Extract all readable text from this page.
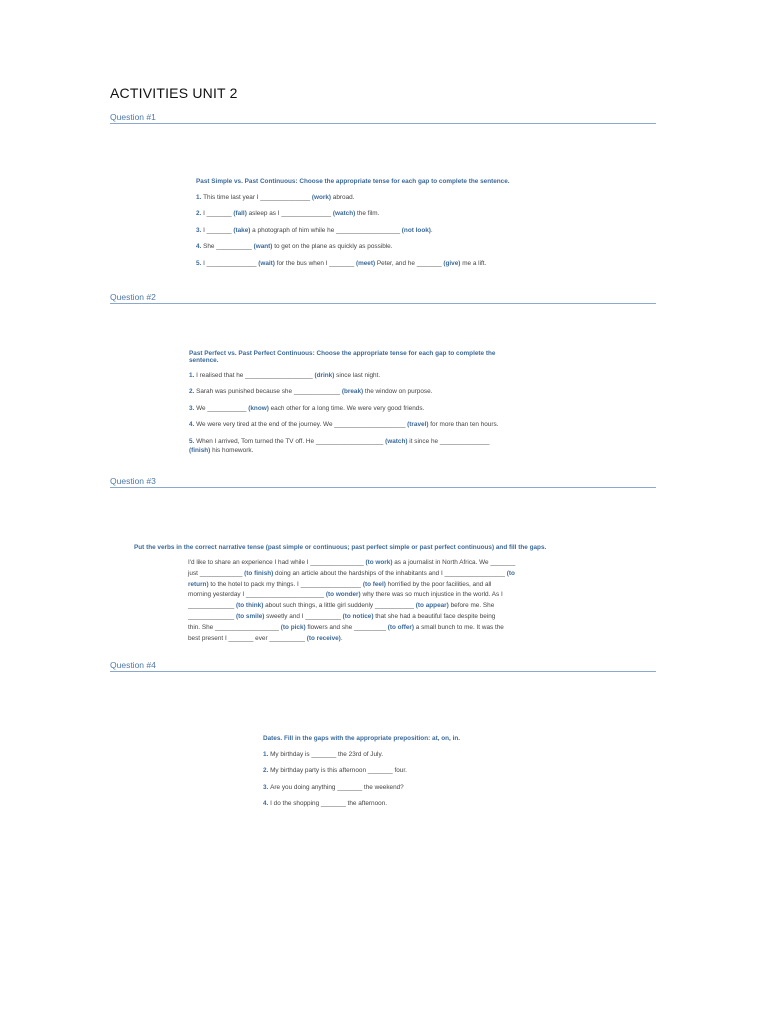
ACTIVITIES UNIT 2
Question #1
Past Simple vs. Past Continuous: Choose the appropriate tense for each gap to complete the sentence.
1. This time last year I ______________ (work) abroad.
2. I _______ (fall) asleep as I ______________ (watch) the film.
3. I _______ (take) a photograph of him while he __________________ (not look).
4. She __________ (want) to get on the plane as quickly as possible.
5. I ______________ (wait) for the bus when I _______ (meet) Peter, and he _______ (give) me a lift.
Question #2
Past Perfect vs. Past Perfect Continuous: Choose the appropriate tense for each gap to complete the
sentence.
1. I realised that he ___________________ (drink) since last night.
2. Sarah was punished because she _____________ (break) the window on purpose.
3. We ___________ (know) each other for a long time. We were very good friends.
4. We were very tired at the end of the journey. We ____________________ (travel) for more than ten hours.
5. When I arrived, Tom turned the TV off. He ___________________ (watch) it since he ______________
(finish) his homework.
Question #3
Put the verbs in the correct narrative tense (past simple or continuous; past perfect simple or past perfect continuous) and fill the gaps.
I'd like to share an experience I had while I _______________ (to work) as a journalist in North Africa. We _______
just ____________ (to finish) doing an article about the hardships of the inhabitants and I _________________ (to
return) to the hotel to pack my things. I _________________ (to feel) horrified by the poor facilities, and all
morning yesterday I ______________________ (to wonder) why there was so much injustice in the world. As I
_____________ (to think) about such things, a little girl suddenly ___________ (to appear) before me. She
_____________ (to smile) sweetly and I __________ (to notice) that she had a beautiful face despite being
thin. She __________________ (to pick) flowers and she _________ (to offer) a small bunch to me. It was the
best present I _______ ever __________ (to receive).
Question #4
Dates. Fill in the gaps with the appropriate preposition: at, on, in.
1. My birthday is _______ the 23rd of July.
2. My birthday party is this afternoon _______ four.
3. Are you doing anything _______ the weekend?
4. I do the shopping _______ the afternoon.
